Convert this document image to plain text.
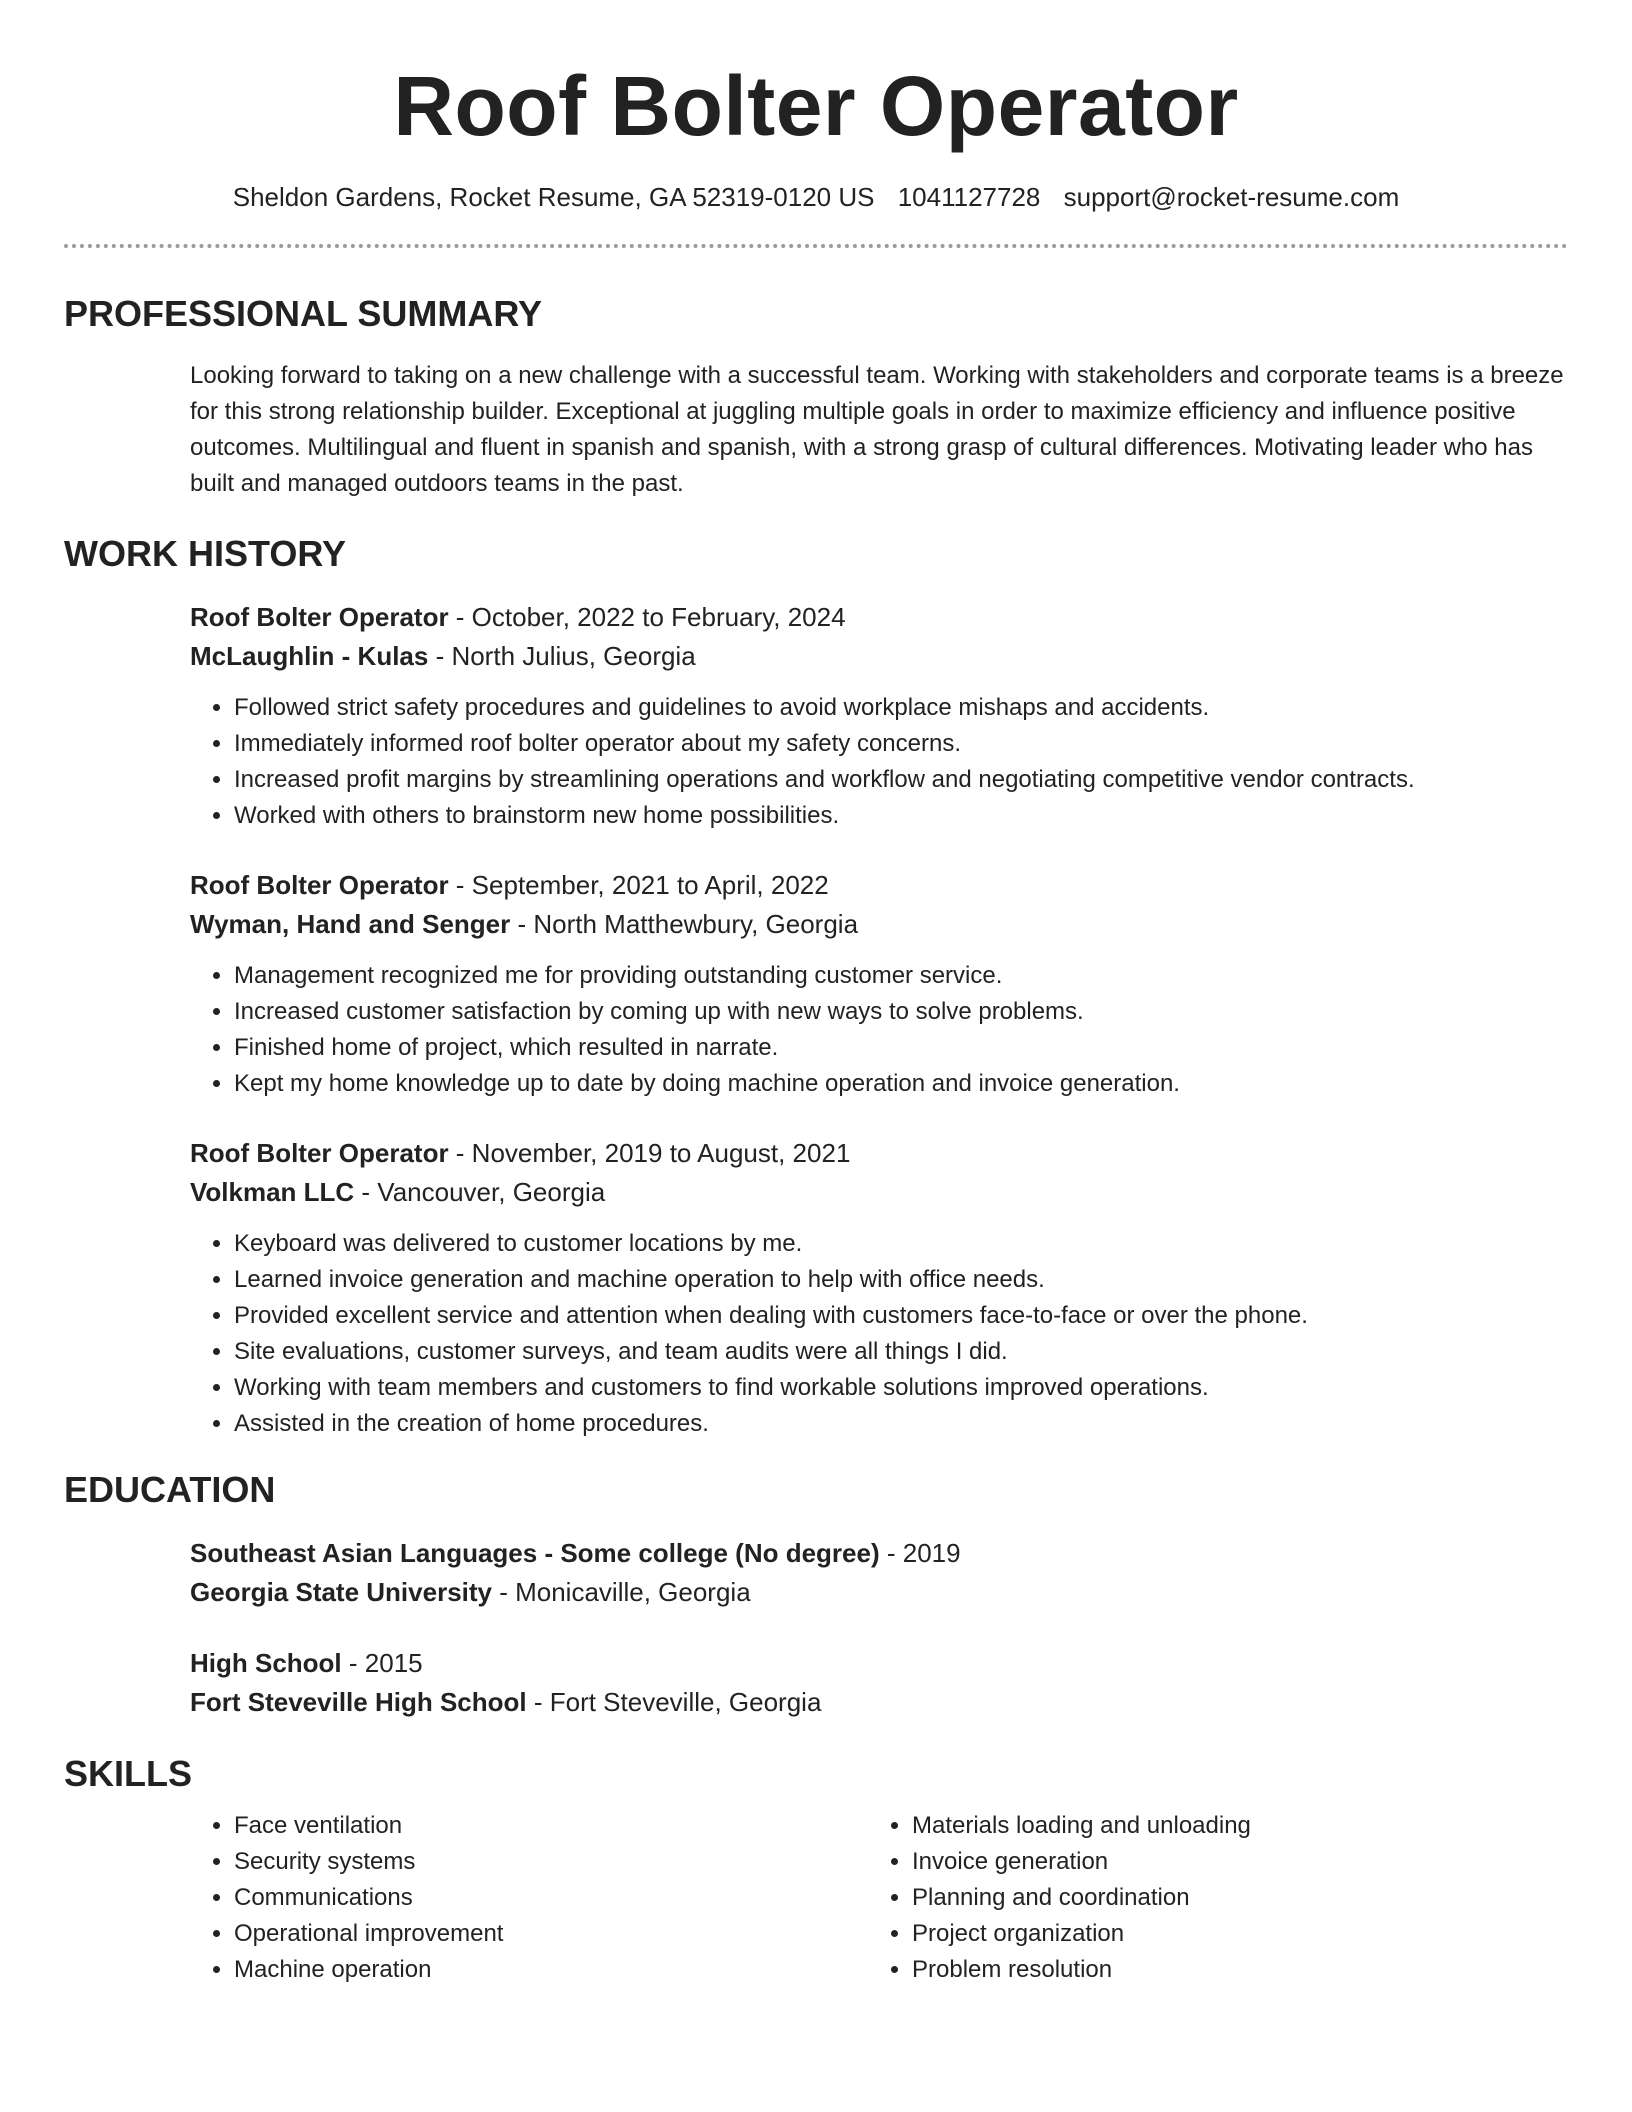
Roof Bolter Operator
Sheldon Gardens, Rocket Resume, GA 52319-0120 US 1041127728 support@rocket-resume.com
PROFESSIONAL SUMMARY

Looking forward to taking on a new challenge with a successful team. Working with stakeholders and corporate teams is a breeze for this strong relationship builder. Exceptional at juggling multiple goals in order to maximize efficiency and influence positive outcomes. Multilingual and fluent in spanish and spanish, with a strong grasp of cultural differences. Motivating leader who has built and managed outdoors teams in the past.

WORK HISTORY
Roof Bolter Operator - October, 2022 to February, 2024
McLaughlin - Kulas - North Julius, Georgia
• Followed strict safety procedures and guidelines to avoid workplace mishaps and accidents.
• Immediately informed roof bolter operator about my safety concerns.
• Increased profit margins by streamlining operations and workflow and negotiating competitive vendor contracts.
• Worked with others to brainstorm new home possibilities.
Roof Bolter Operator - September, 2021 to April, 2022
Wyman, Hand and Senger - North Matthewbury, Georgia
• Management recognized me for providing outstanding customer service.
• Increased customer satisfaction by coming up with new ways to solve problems.
• Finished home of project, which resulted in narrate.
• Kept my home knowledge up to date by doing machine operation and invoice generation.
Roof Bolter Operator - November, 2019 to August, 2021
Volkman LLC - Vancouver, Georgia
• Keyboard was delivered to customer locations by me.
• Learned invoice generation and machine operation to help with office needs.
• Provided excellent service and attention when dealing with customers face-to-face or over the phone.
• Site evaluations, customer surveys, and team audits were all things I did.
• Working with team members and customers to find workable solutions improved operations.
• Assisted in the creation of home procedures.
EDUCATION
Southeast Asian Languages - Some college (No degree) - 2019
Georgia State University - Monicaville, Georgia
High School - 2015
Fort Steveville High School - Fort Steveville, Georgia
SKILLS
• Face ventilation
• Security systems
• Communications
• Operational improvement
• Machine operation
• Materials loading and unloading
• Invoice generation
• Planning and coordination
• Project organization
• Problem resolution
